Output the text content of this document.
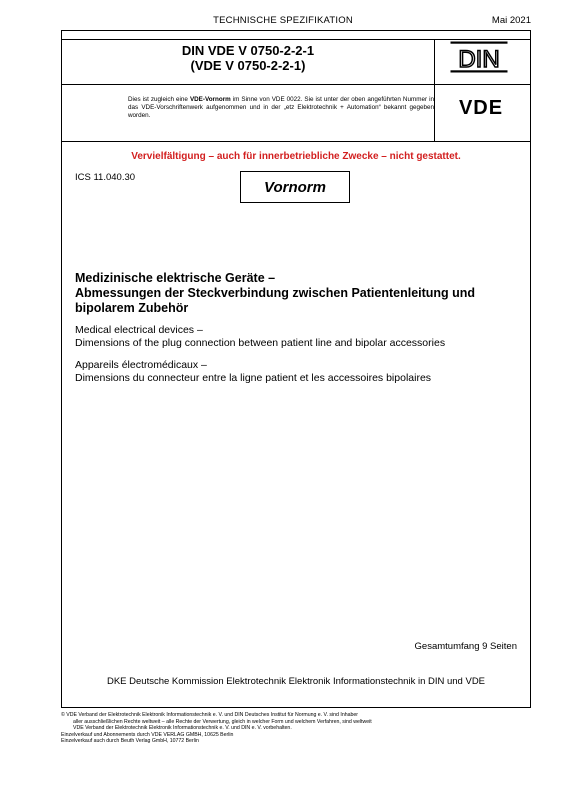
TECHNISCHE SPEZIFIKATION	Mai 2021
DIN VDE V 0750-2-2-1
(VDE V 0750-2-2-1)	DIN
Dies ist zugleich eine VDE-Vornorm im Sinne von VDE 0022. Sie ist unter der oben angeführten Nummer in das VDE-Vorschriftenwerk aufgenommen und in der „etz Elektrotechnik + Automation“ bekannt gegeben worden.	VDE
Vervielfältigung – auch für innerbetriebliche Zwecke – nicht gestattet.
ICS 11.040.30
Vornorm
Medizinische elektrische Geräte –
Abmessungen der Steckverbindung zwischen Patientenleitung und bipolarem Zubehör
Medical electrical devices –
Dimensions of the plug connection between patient line and bipolar accessories
Appareils électromédicaux –
Dimensions du connecteur entre la ligne patient et les accessoires bipolaires
Gesamtumfang 9 Seiten
DKE Deutsche Kommission Elektrotechnik Elektronik Informationstechnik in DIN und VDE
© VDE Verband der Elektrotechnik Elektronik Informationstechnik e. V. und DIN Deutsches Institut für Normung e. V. sind Inhaber
aller ausschließlichen Rechte weltweit – alle Rechte der Verwertung, gleich in welcher Form und welchem Verfahren, sind weltweit
VDE Verband der Elektrotechnik Elektronik Informationstechnik e. V. und DIN e. V. vorbehalten.
Einzelverkauf und Abonnements durch VDE VERLAG GMBH, 10625 Berlin
Einzelverkauf auch durch Beuth Verlag GmbH, 10772 Berlin
